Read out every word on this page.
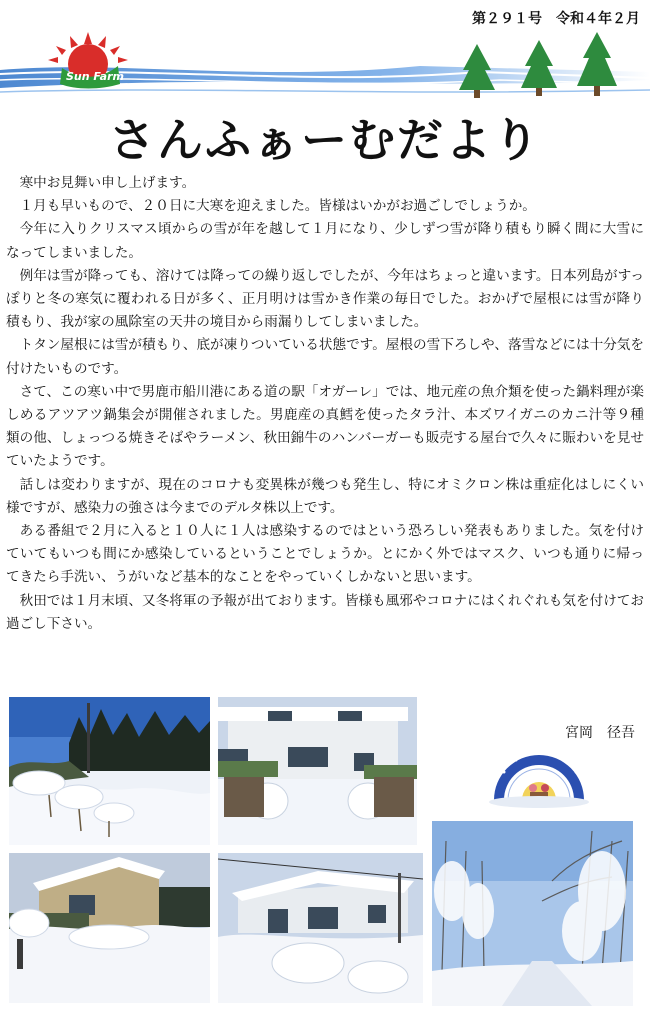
第２９１号　令和４年２月
Sun Farm
さんふぁーむだより

寒中お見舞い申し上げます。

１月も早いもので、２０日に大寒を迎えました。皆様はいかがお過ごしでしょうか。

今年に入りクリスマス頃からの雪が年を越して１月になり、少しずつ雪が降り積もり瞬く間に大雪になってしまいました。

例年は雪が降っても、溶けては降っての繰り返しでしたが、今年はちょっと違います。日本列島がすっぽりと冬の寒気に覆われる日が多く、正月明けは雪かき作業の毎日でした。おかげで屋根には雪が降り積もり、我が家の風除室の天井の境目から雨漏りしてしまいました。

トタン屋根には雪が積もり、底が凍りついている状態です。屋根の雪下ろしや、落雪などには十分気を付けたいものです。

さて、この寒い中で男鹿市船川港にある道の駅「オガーレ」では、地元産の魚介類を使った鍋料理が楽しめるアツアツ鍋集会が開催されました。男鹿産の真鱈を使ったタラ汁、本ズワイガニのカニ汁等９種類の他、しょっつる焼きそばやラーメン、秋田錦牛のハンバーガーも販売する屋台で久々に賑わいを見せていたようです。

話しは変わりますが、現在のコロナも変異株が幾つも発生し、特にオミクロン株は重症化はしにくい様ですが、感染力の強さは今までのデルタ株以上です。

ある番組で２月に入ると１０人に１人は感染するのではという恐ろしい発表もありました。気を付けていてもいつも間にか感染しているということでしょうか。とにかく外ではマスク、いつも通りに帰ってきたら手洗い、うがいなど基本的なことをやっていくしかないと思います。

秋田では１月末頃、又冬将軍の予報が出ております。皆様も風邪やコロナにはくれぐれも気を付けてお過ごし下さい。

宮岡　径吾
